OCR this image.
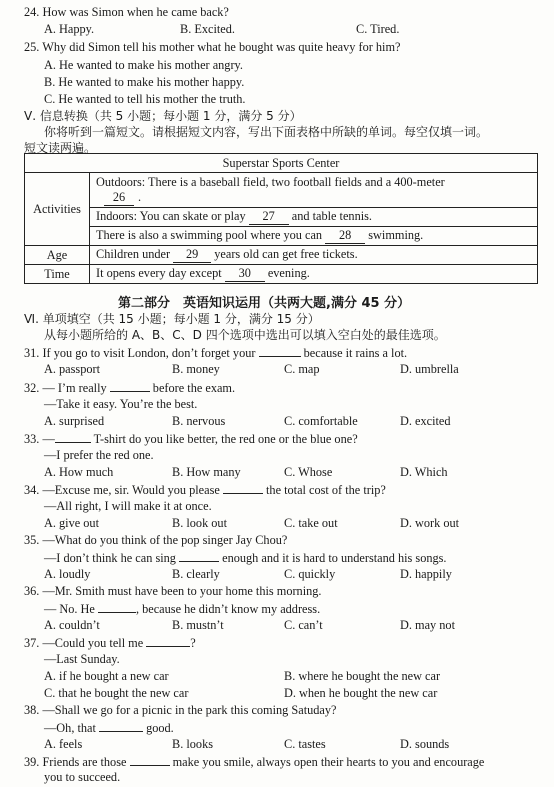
24. How was Simon when he came back?
A. Happy.	B. Excited.	C. Tired.
25. Why did Simon tell his mother what he bought was quite heavy for him?
A. He wanted to make his mother angry.
B. He wanted to make his mother happy.
C. He wanted to tell his mother the truth.
Ⅴ. 信息转换（共 5 小题；每小题 1 分，满分 5 分）
你将听到一篇短文。请根据短文内容，写出下面表格中所缺的单词。每空仅填一词。
短文读两遍。
Superstar Sports Center	
Activities	Outdoors: There is a baseball field, two football fields and a 400-meter
26 .
	Indoors: You can skate or play 27 and table tennis.
	There is also a swimming pool where you can 28 swimming.
Age	Children under 29 years old can get free tickets.
Time	It opens every day except 30 evening.
第二部分　英语知识运用（共两大题,满分 45 分）
Ⅵ. 单项填空（共 15 小题；每小题 1 分，满分 15 分）
从每小题所给的 A、B、C、D 四个选项中选出可以填入空白处的最佳选项。
31. If you go to visit London, don’t forget your	because it rains a lot.
A. passport	B. money	C. map	D. umbrella
32. — I’m really	before the exam.
—Take it easy. You’re the best.
A. surprised	B. nervous	C. comfortable	D. excited
33. —	T-shirt do you like better, the red one or the blue one?
—I prefer the red one.
A. How much	B. How many	C. Whose	D. Which
34. —Excuse me, sir. Would you please	the total cost of the trip?
—All right, I will make it at once.
A. give out	B. look out	C. take out	D. work out
35. —What do you think of the pop singer Jay Chou?
—I don’t think he can sing	enough and it is hard to understand his songs.
A. loudly	B. clearly	C. quickly	D. happily
36. —Mr. Smith must have been to your home this morning.
— No. He	, because he didn’t know my address.
A. couldn’t	B. mustn’t	C. can’t	D. may not
37. —Could you tell me	?
—Last Sunday.
A. if he bought a new car	B. where he bought the new car
C. that he bought the new car	D. when he bought the new car
38. —Shall we go for a picnic in the park this coming Satuday?
—Oh, that	good.
A. feels	B. looks	C. tastes	D. sounds
39. Friends are those	make you smile, always open their hearts to you and encourage
you to succeed.
